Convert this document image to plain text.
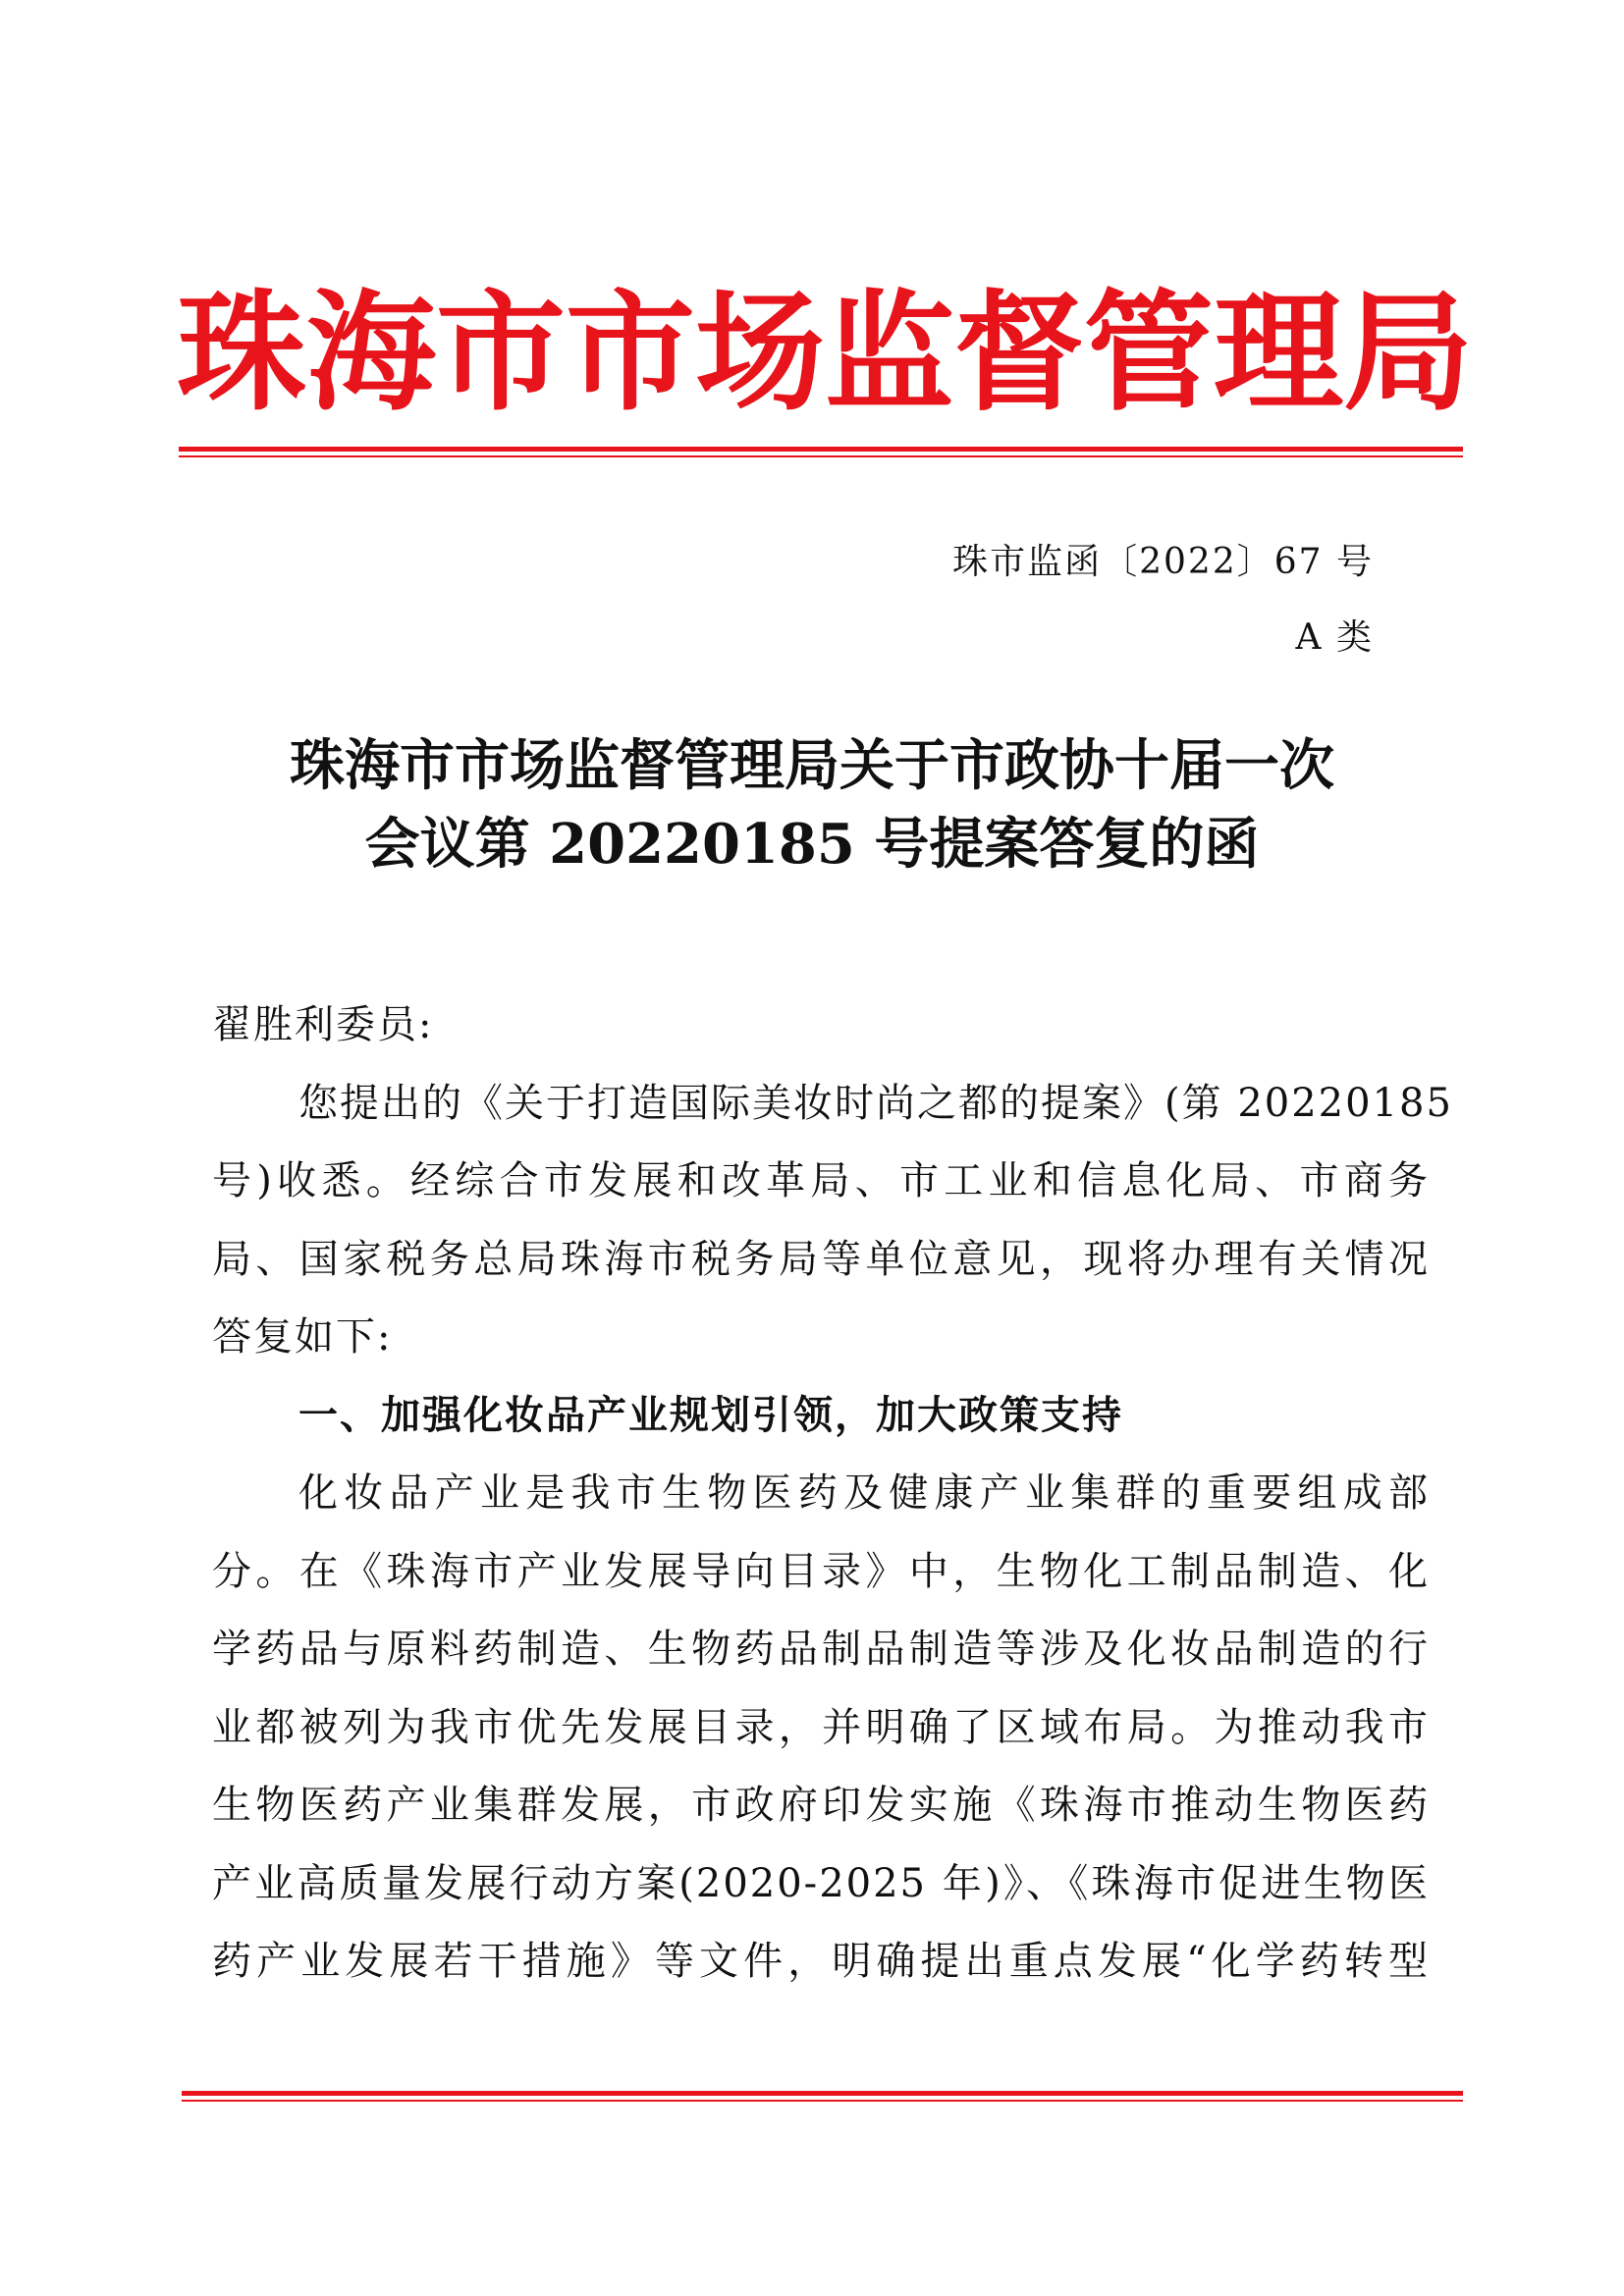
珠海市市场监督管理局
珠市监函〔2022〕67 号
A 类
珠海市市场监督管理局关于市政协十届一次
会议第 20220185 号提案答复的函
翟胜利委员:
您提出的《关于打造国际美妆时尚之都的提案》(第 20220185
号)收悉。经综合市发展和改革局、市工业和信息化局、市商务
局、国家税务总局珠海市税务局等单位意见，现将办理有关情况
答复如下:
一、加强化妆品产业规划引领，加大政策支持
化妆品产业是我市生物医药及健康产业集群的重要组成部
分。在《珠海市产业发展导向目录》中，生物化工制品制造、化
学药品与原料药制造、生物药品制品制造等涉及化妆品制造的行
业都被列为我市优先发展目录，并明确了区域布局。为推动我市
生物医药产业集群发展，市政府印发实施《珠海市推动生物医药
产业高质量发展行动方案(2020-2025 年)》、《珠海市促进生物医
药产业发展若干措施》等文件，明确提出重点发展“化学药转型
